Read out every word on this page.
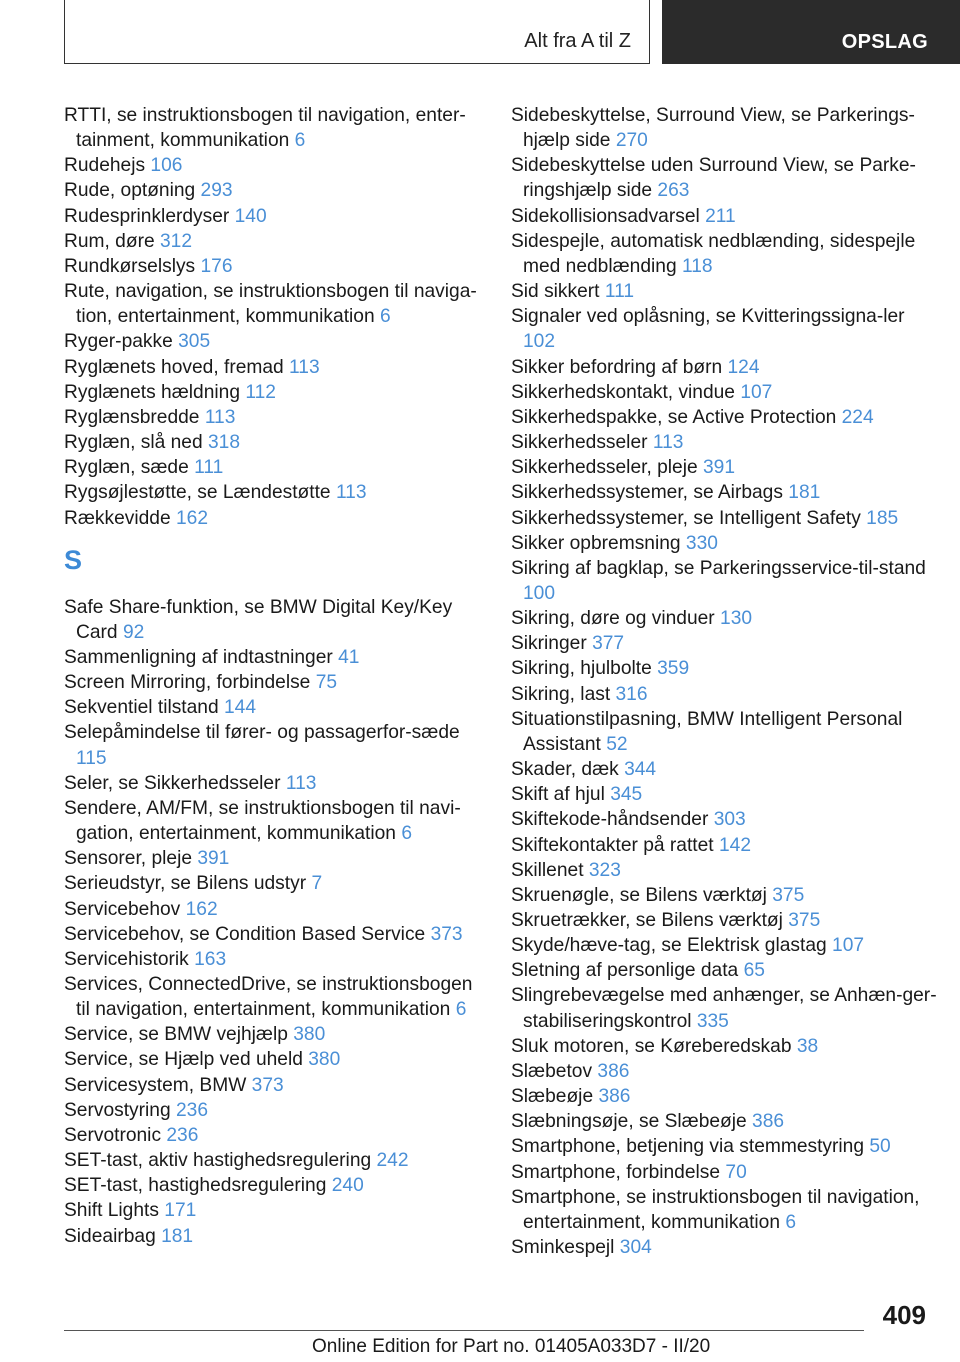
Alt fra A til Z	OPSLAG
RTTI, se instruktionsbogen til navigation, enter-tainment, kommunikation 6
Rudehejs 106
Rude, optøning 293
Rudesprinklerdyser 140
Rum, døre 312
Rundkørselslys 176
Rute, navigation, se instruktionsbogen til naviga-tion, entertainment, kommunikation 6
Ryger-pakke 305
Ryglænets hoved, fremad 113
Ryglænets hældning 112
Ryglænsbredde 113
Ryglæn, slå ned 318
Ryglæn, sæde 111
Rygsøjlestøtte, se Lændestøtte 113
Rækkevidde 162
S
Safe Share-funktion, se BMW Digital Key/Key Card 92
Sammenligning af indtastninger 41
Screen Mirroring, forbindelse 75
Sekventiel tilstand 144
Selepåmindelse til fører- og passagerfor-sæde 115
Seler, se Sikkerhedsseler 113
Sendere, AM/FM, se instruktionsbogen til navi-gation, entertainment, kommunikation 6
Sensorer, pleje 391
Serieudstyr, se Bilens udstyr 7
Servicebehov 162
Servicebehov, se Condition Based Service 373
Servicehistorik 163
Services, ConnectedDrive, se instruktionsbogen til navigation, entertainment, kommunikation 6
Service, se BMW vejhjælp 380
Service, se Hjælp ved uheld 380
Servicesystem, BMW 373
Servostyring 236
Servotronic 236
SET-tast, aktiv hastighedsregulering 242
SET-tast, hastighedsregulering 240
Shift Lights 171
Sideairbag 181
Sidebeskyttelse, Surround View, se Parkerings-hjælp side 270
Sidebeskyttelse uden Surround View, se Parke-ringshjælp side 263
Sidekollisionsadvarsel 211
Sidespejle, automatisk nedblænding, sidespejle med nedblænding 118
Sid sikkert 111
Signaler ved oplåsning, se Kvitteringssigna-ler 102
Sikker befordring af børn 124
Sikkerhedskontakt, vindue 107
Sikkerhedspakke, se Active Protection 224
Sikkerhedsseler 113
Sikkerhedsseler, pleje 391
Sikkerhedssystemer, se Airbags 181
Sikkerhedssystemer, se Intelligent Safety 185
Sikker opbremsning 330
Sikring af bagklap, se Parkeringsservice-til-stand 100
Sikring, døre og vinduer 130
Sikringer 377
Sikring, hjulbolte 359
Sikring, last 316
Situationstilpasning, BMW Intelligent Personal Assistant 52
Skader, dæk 344
Skift af hjul 345
Skiftekode-håndsender 303
Skiftekontakter på rattet 142
Skillenet 323
Skruenøgle, se Bilens værktøj 375
Skruetrækker, se Bilens værktøj 375
Skyde/hæve-tag, se Elektrisk glastag 107
Sletning af personlige data 65
Slingrebevægelse med anhænger, se Anhæn-ger-stabiliseringskontrol 335
Sluk motoren, se Køreberedskab 38
Slæbetov 386
Slæbeøje 386
Slæbningsøje, se Slæbeøje 386
Smartphone, betjening via stemmestyring 50
Smartphone, forbindelse 70
Smartphone, se instruktionsbogen til navigation, entertainment, kommunikation 6
Sminkespejl 304
409
Online Edition for Part no. 01405A033D7 - II/20
